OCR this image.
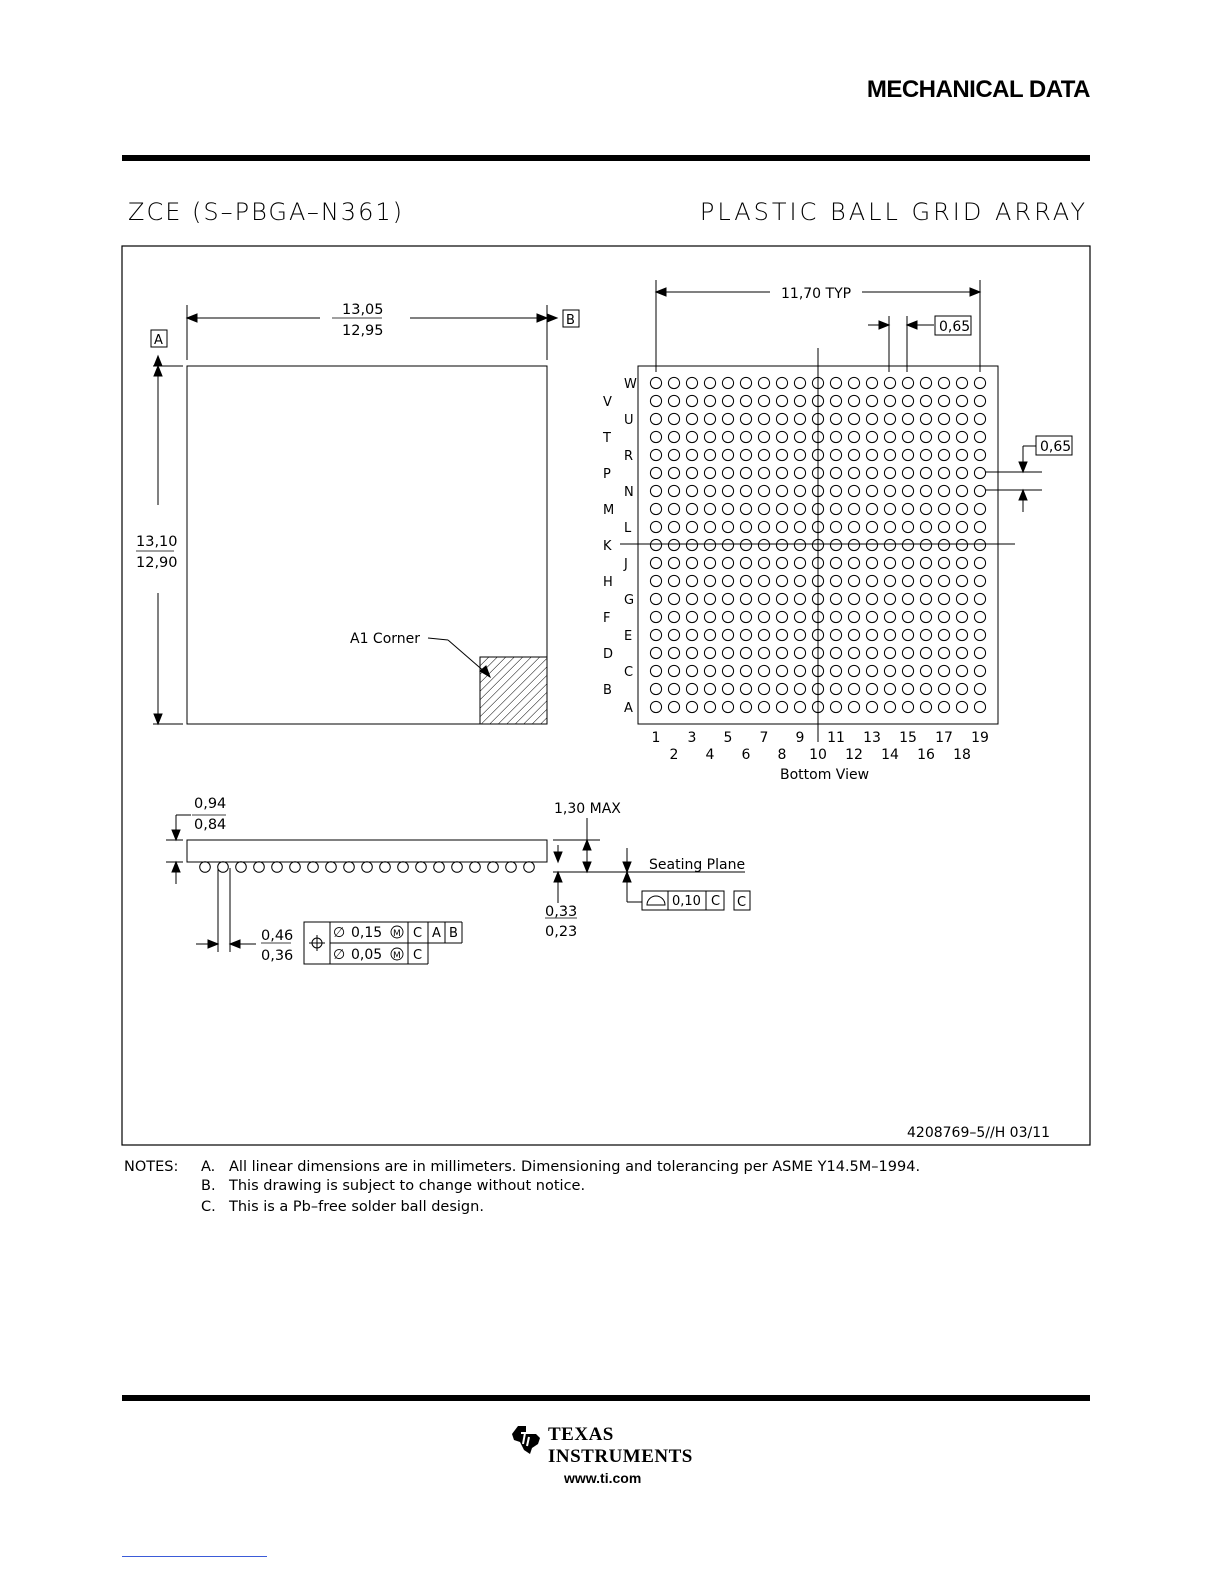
MECHANICAL DATA
ZCE (S–PBGA–N361)	PLASTIC BALL GRID ARRAY
13,05
12,95
B
A
13,10
12,90
A1 Corner
11,70 TYP
0,65
0,65
W
V
U
T
R
P
N
M
L
K
J
H
G
F
E
D
C
B
A
1
2
3
4
5
6
7
8
9
10
11
12
13
14
15
16
17
18
19
Bottom View
0,94
0,84
1,30 MAX
0,33
0,23
Seating Plane
0,10 C C
0,46
0,36
∅ 0,15
∅ 0,05
M
M
C A B
C
4208769–5//H 03/11
NOTES: A. All linear dimensions are in millimeters. Dimensioning and tolerancing per ASME Y14.5M–1994.
B. This drawing is subject to change without notice.
C. This is a Pb–free solder ball design.
TEXAS
INSTRUMENTS
www.ti.com
